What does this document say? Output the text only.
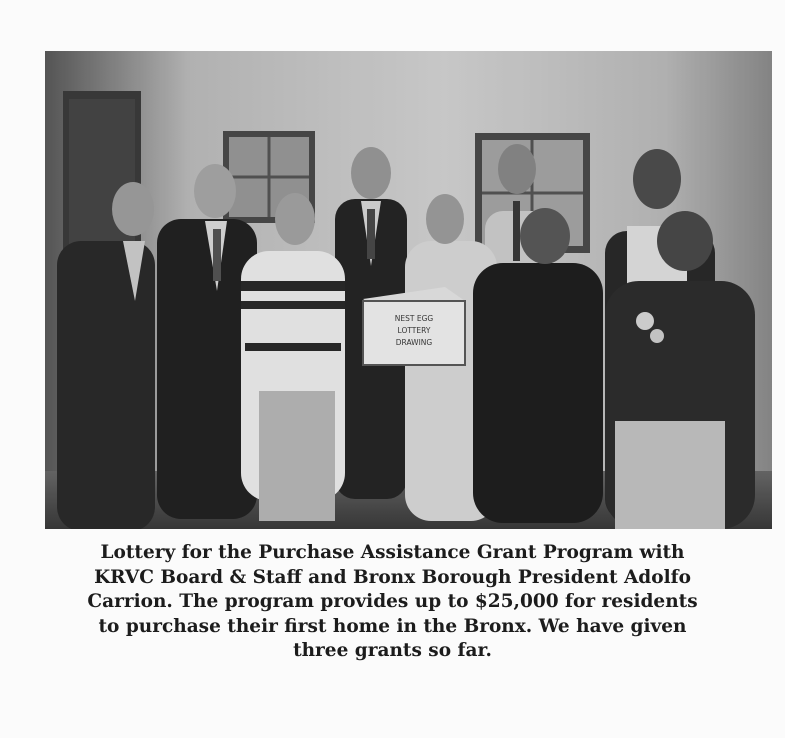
NEST EGG
LOTTERY
DRAWING
Lottery for the Purchase Assistance Grant Program with
KRVC Board & Staff and Bronx Borough President Adolfo
Carrion. The program provides up to $25,000 for residents
to purchase their first home in the Bronx. We have given
three grants so far.
